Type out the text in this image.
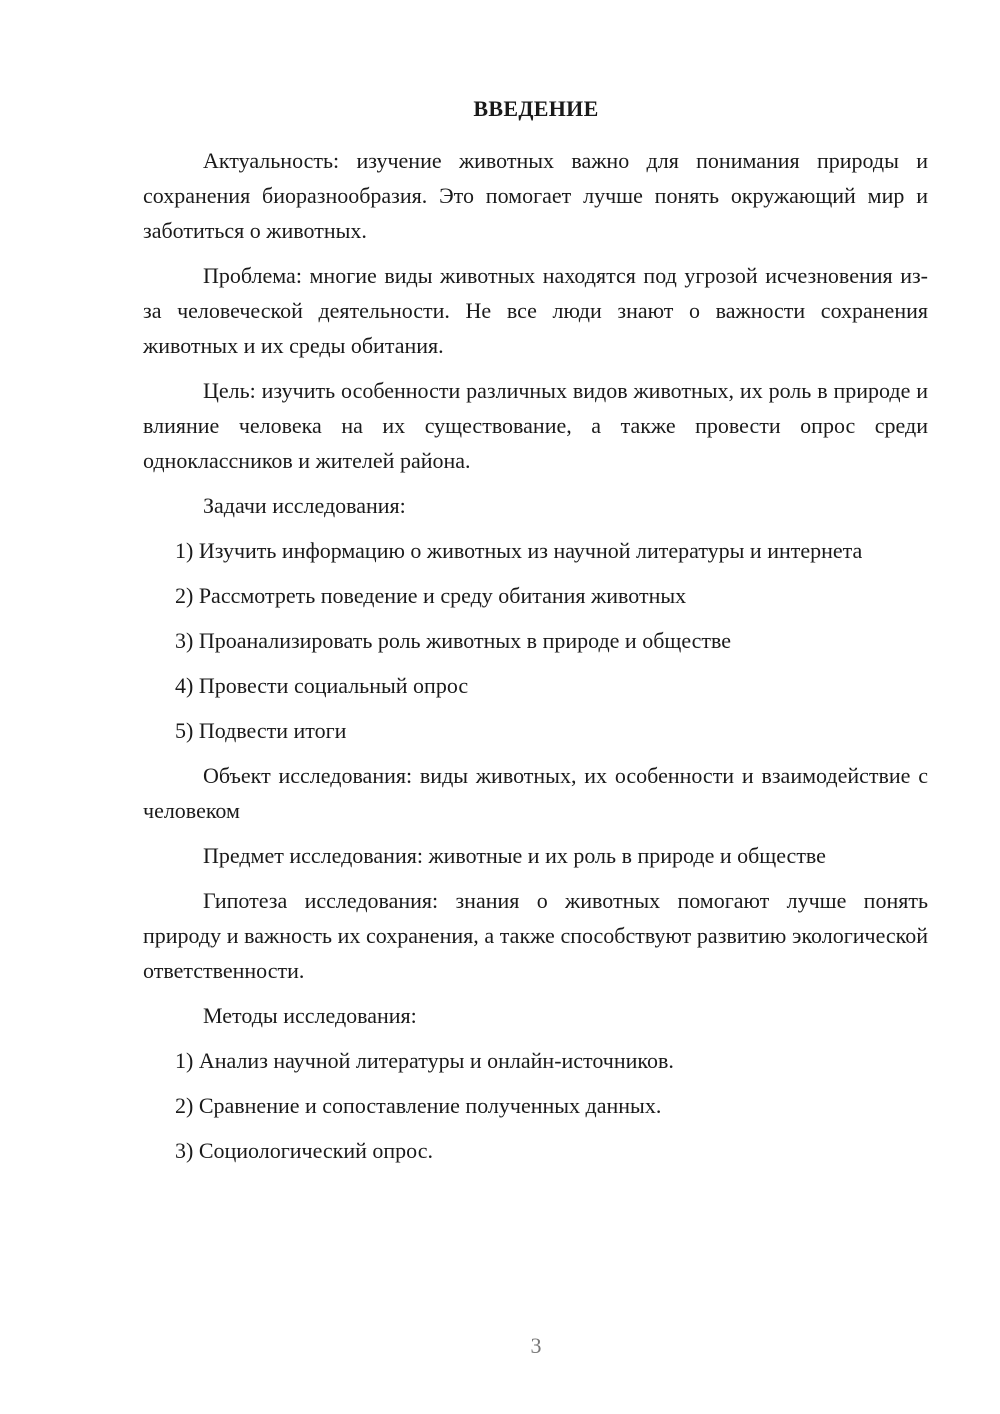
ВВЕДЕНИЕ

Актуальность: изучение животных важно для понимания природы и сохранения биоразнообразия. Это помогает лучше понять окружающий мир и заботиться о животных.

Проблема: многие виды животных находятся под угрозой исчезновения из-за человеческой деятельности. Не все люди знают о важности сохранения животных и их среды обитания.

Цель: изучить особенности различных видов животных, их роль в природе и влияние человека на их существование, а также провести опрос среди одноклассников и жителей района.

Задачи исследования:

1) Изучить информацию о животных из научной литературы и интернета

2) Рассмотреть поведение и среду обитания животных

3) Проанализировать роль животных в природе и обществе

4) Провести социальный опрос

5) Подвести итоги

Объект исследования: виды животных, их особенности и взаимодействие с человеком

Предмет исследования: животные и их роль в природе и обществе

Гипотеза исследования: знания о животных помогают лучше понять природу и важность их сохранения, а также способствуют развитию экологической ответственности.

Методы исследования:

1) Анализ научной литературы и онлайн-источников.

2) Сравнение и сопоставление полученных данных.

3) Социологический опрос.

3
